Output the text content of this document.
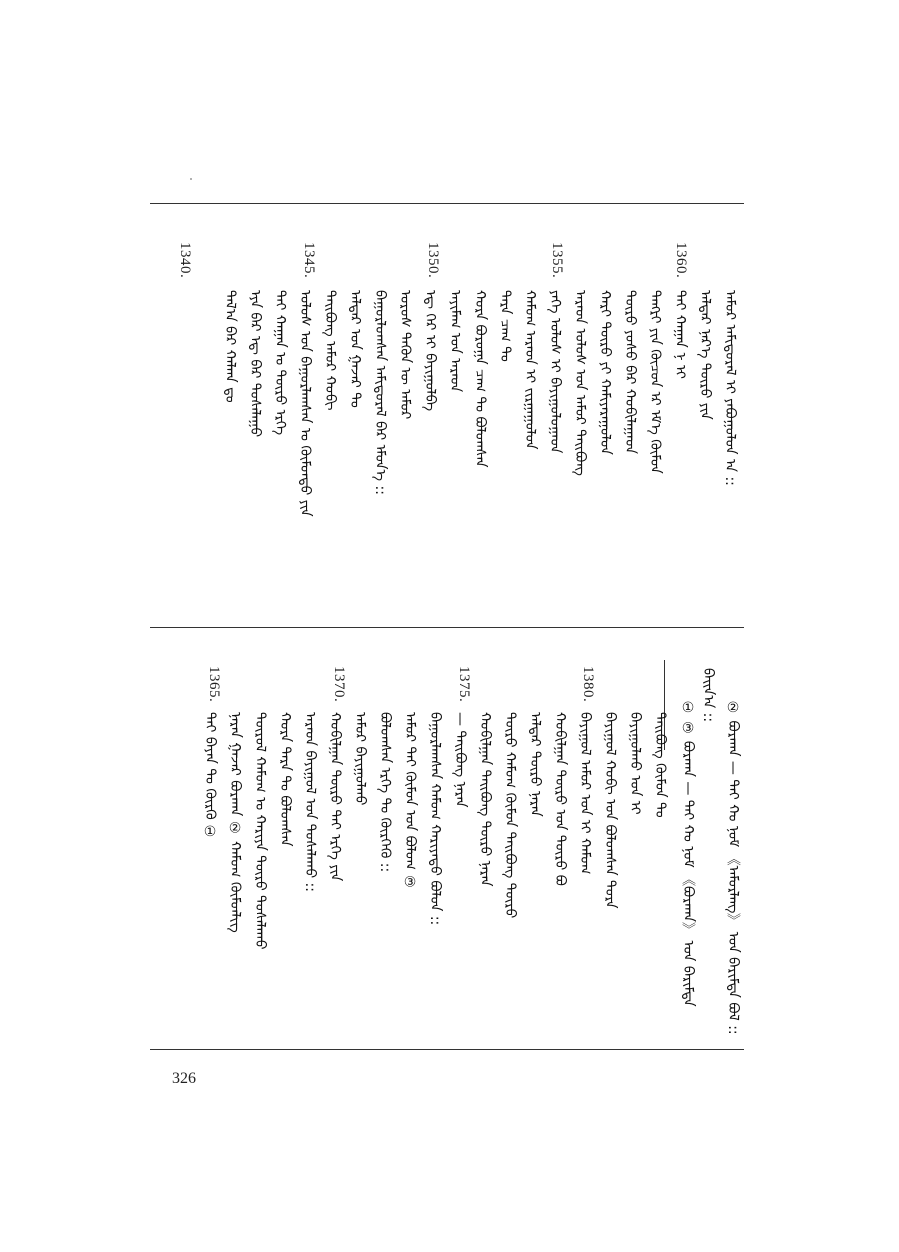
1360.
1355.
1350.
1345.
1340.
ᠠᠮᠤᠷ ᠠᠮᠢᠳᠤᠷᠠᠯ ᠢ ᠶᠠᠪᠤᠭᠤᠯᠤᠨ ᠠ ::
ᠠᠯᠳᠠᠷ ᠨᠡᠷ᠎ᠡ ᠲᠥᠷᠥ ᠶᠢᠨ
ᠲᠠᠢ ᠬᠠᠭᠠᠨ ᠨ ᠢ
ᠲᠡᠩᠷᠢ ᠶᠢᠨ ᠬᠦᠴᠦᠨ ᠡᠷ ᠡᠮ᠎ᠡ ᠬᠦᠮᠦᠨ
ᠲᠥᠷᠥ ᠶᠤᠰᠤ ᠪᠠᠷ ᠬᠤᠪᠢᠯᠠᠭᠠᠳ
ᠬᠠᠷᠢ ᠲᠥᠷᠥ ᠶᠢ ᠬᠠᠮᠢᠶᠠᠷᠠᠭᠤᠯᠤᠨ
ᠠᠷᠠᠳ ᠤᠯᠤᠰ ᠤᠨ ᠠᠮᠤᠷ ᠲᠠᠢᠪᠤᠩ
ᠶᠡᠬᠡ ᠤᠯᠤᠰ ᠢ ᠪᠠᠶᠢᠭᠤᠯᠤᠭᠠᠳ
ᠬᠠᠮᠤᠭ ᠠᠷᠠᠳ ᠢ ᠵᠢᠷᠭᠠᠭᠤᠯᠤᠨ
ᠲᠡᠷᠡ ᠴᠠᠭ ᠲᠤ
ᠬᠤᠷᠠ ᠪᠤᠷᠤᠭᠠ ᠴᠠᠭ ᠲᠤ ᠪᠤᠯᠤᠭᠰᠠᠨ
ᠠᠶᠢᠮᠠᠭ ᠤᠨ ᠠᠷᠠᠳ
ᠡᠳ᠋ ᠭᠡᠷ ᠢ ᠪᠠᠶᠢᠭᠤᠯᠪᠠ
ᠤᠷᠤᠰ ᠲᠡᠭᠦᠨ ᠦ ᠠᠮᠤᠷ
ᠪᠠᠭᠤᠷᠯᠤᠭᠰᠠᠨ ᠠᠮᠢᠳᠤᠷᠠᠯ ᠪᠠᠷ ᠡᠮᠦᠨ᠎ᠡ ::
ᠠᠯᠳᠠᠷ ᠤᠨ ᠭᠠᠵᠠᠷ ᠲᠤ
ᠲᠠᠢᠪᠤᠩ ᠠᠮᠤᠷ ᠬᠤᠪᠢ
ᠤᠯᠤᠰ ᠤᠨ ᠪᠠᠭᠤᠷᠯᠠᠭᠰᠠᠨ ᠤ ᠬᠦᠮᠦᠨᠳᠦ ᠶᠢᠨ
ᠲᠠᠢ ᠬᠠᠭᠠᠨ ᠤ ᠲᠥᠷᠥ ᠡᠷᠬᠡ
ᠡᠶᠡ ᠪᠠᠷ ᠡᠳ᠋ ᠪᠠᠷ ᠲᠤᠰᠠᠯᠠᠭᠤ
ᠲᠠᠯ᠎ᠠ ᠪᠠᠷ ᠬᠠᠯᠬᠠ ᠳᠤ
1380.
1375.
1370.
1365.
② ᠪᠤᠷᠬᠠᠨ — ᠲᠠᠢ ᠬᠤ ᠨᠤᠮ 《ᠠᠮᠤᠷᠯᠠᠩ》 ᠤᠨ ᠪᠠᠷᠢᠮᠲᠠ ᠪᠤᠯ ::
ᠪᠠᠢᠨ᠎ᠠ ::
① ③ ᠪᠤᠷᠬᠠᠨ — ᠲᠠᠢ ᠬᠤ ᠨᠤᠮ 《ᠪᠤᠷᠬᠠᠨ》 ᠤᠨ ᠪᠠᠷᠢᠮᠲᠠ
ᠲᠠᠢ ᠪᠠᠶᠠᠨ ᠲᠤ ᠬᠦᠷᠬᠦ ① ᠨᠠᠷᠠᠨ ᠭᠠᠵᠠᠷ ᠪᠤᠷᠬᠠᠨ ② ᠬᠠᠮᠤᠭ ᠬᠦᠮᠦᠨᠯᠢᠭ ᠲᠥᠷᠥᠯ ᠬᠠᠮᠤᠭ ᠤ ᠬᠠᠷᠢᠶᠠ ᠲᠥᠷᠥ ᠲᠤᠰᠠᠯᠠᠬᠤ ᠬᠤᠷᠠ ᠲᠡᠷᠡ ᠲᠤ ᠪᠤᠯᠤᠭᠰᠠᠨ ᠠᠷᠠᠳ ᠪᠠᠶᠢᠭᠤᠯ ᠤᠨ ᠲᠤᠰᠠᠯᠠᠬᠤ :: ᠬᠤᠪᠢᠯᠭᠠᠨ ᠲᠥᠷᠥ ᠲᠠᠢ ᠡᠷᠬᠡ ᠶᠢᠨ ᠠᠮᠤᠷ ᠪᠠᠶᠢᠭᠤᠯᠬᠤ ᠪᠤᠯᠤᠭᠰᠠᠨ ᠡᠷᠬᠡ ᠲᠤ ᠬᠦᠷᠭᠡᠬᠦ :: ᠠᠮᠤᠷ ᠲᠠᠢ ᠬᠦᠮᠦᠨ ᠤᠨ ᠪᠤᠯᠤᠭ ③ ᠪᠠᠭᠤᠷᠯᠠᠭᠰᠠᠨ ᠬᠠᠮᠤᠭ ᠬᠠᠷᠢᠶᠠᠲᠤ ᠪᠤᠯᠤᠨ :: — ᠲᠠᠢᠪᠤᠩ ᠨᠠᠷᠠᠨ ᠬᠤᠪᠢᠯᠭᠠᠨ ᠲᠠᠢᠪᠤᠩ ᠲᠥᠷᠥ ᠨᠠᠷᠠᠨ ᠲᠥᠷᠥ ᠬᠠᠮᠤᠭ ᠬᠦᠮᠦᠨ ᠲᠠᠢᠪᠤᠩ ᠲᠥᠷᠥ ᠠᠯᠳᠠᠷ ᠲᠥᠷᠥ ᠨᠠᠷᠠᠨ ᠬᠤᠪᠢᠯᠭᠠᠨ ᠲᠥᠷᠥ ᠤᠨ ᠲᠥᠷᠥ ᠪᠤ ᠪᠠᠶᠢᠭᠤᠯ ᠠᠮᠤᠷ ᠤᠨ ᠢ ᠬᠠᠮᠤᠭ ᠪᠠᠶᠢᠭᠤᠯ ᠬᠤᠪᠢ ᠤᠨ ᠪᠤᠯᠤᠭᠰᠠᠨ ᠲᠤᠷᠠ ᠪᠠᠶᠢᠭᠤᠯᠬᠤ ᠤᠨ ᠢ ᠲᠠᠢᠪᠤᠩ ᠬᠦᠮᠦᠨ ᠲᠤ
326
